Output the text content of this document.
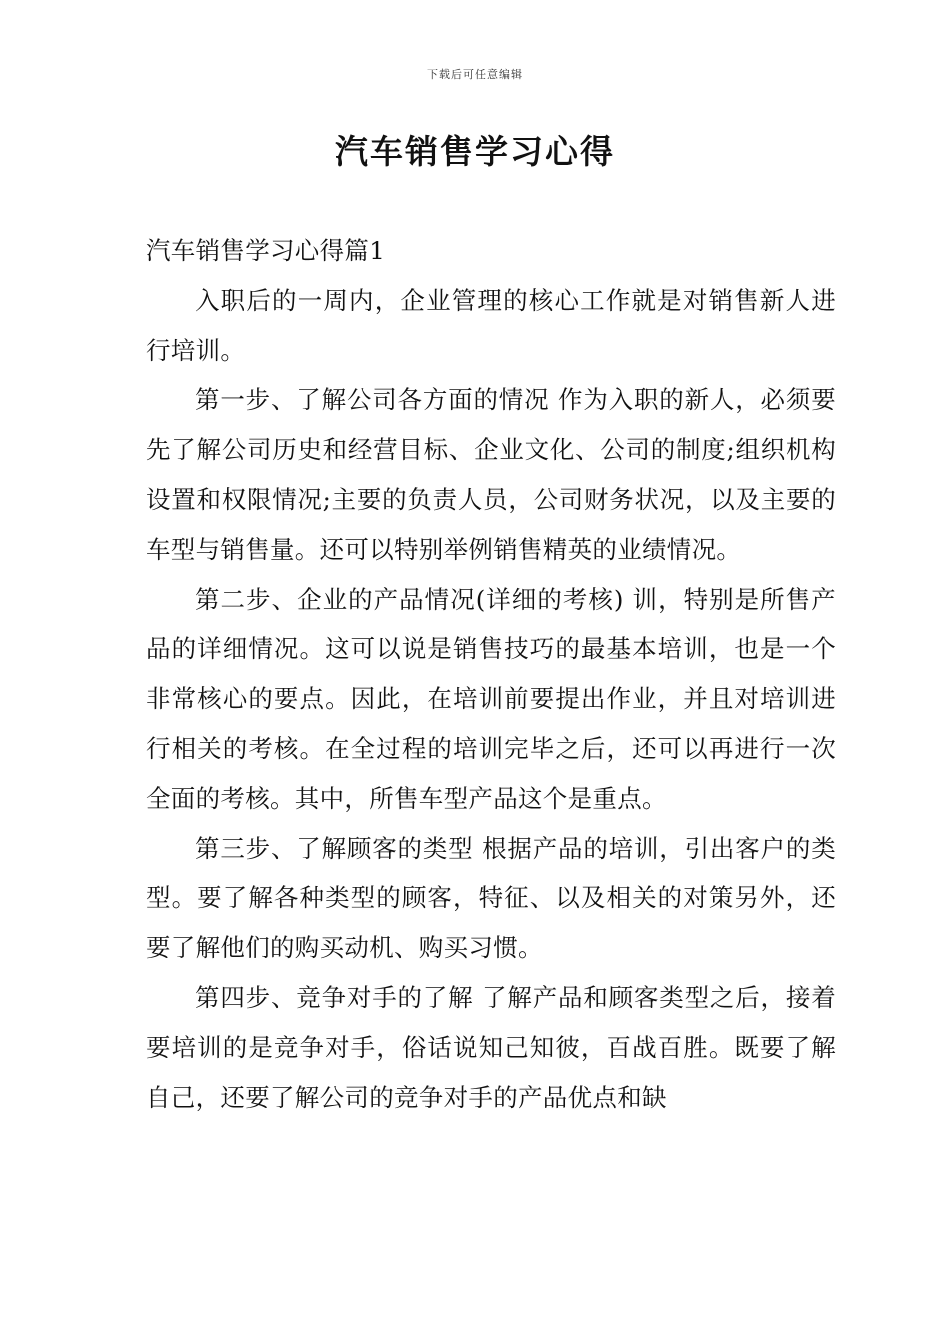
下载后可任意编辑
汽车销售学习心得
汽车销售学习心得篇1

入职后的一周内，企业管理的核心工作就是对销售新人进行培训。

第一步、了解公司各方面的情况 作为入职的新人，必须要先了解公司历史和经营目标、企业文化、公司的制度;组织机构设置和权限情况;主要的负责人员，公司财务状况，以及主要的车型与销售量。还可以特别举例销售精英的业绩情况。

第二步、企业的产品情况(详细的考核) 训，特别是所售产品的详细情况。这可以说是销售技巧的最基本培训，也是一个非常核心的要点。因此，在培训前要提出作业，并且对培训进行相关的考核。在全过程的培训完毕之后，还可以再进行一次全面的考核。其中，所售车型产品这个是重点。

第三步、了解顾客的类型 根据产品的培训，引出客户的类型。要了解各种类型的顾客，特征、以及相关的对策另外，还要了解他们的购买动机、购买习惯。

第四步、竞争对手的了解 了解产品和顾客类型之后，接着要培训的是竞争对手，俗话说知己知彼，百战百胜。既要了解自己，还要了解公司的竞争对手的产品优点和缺
